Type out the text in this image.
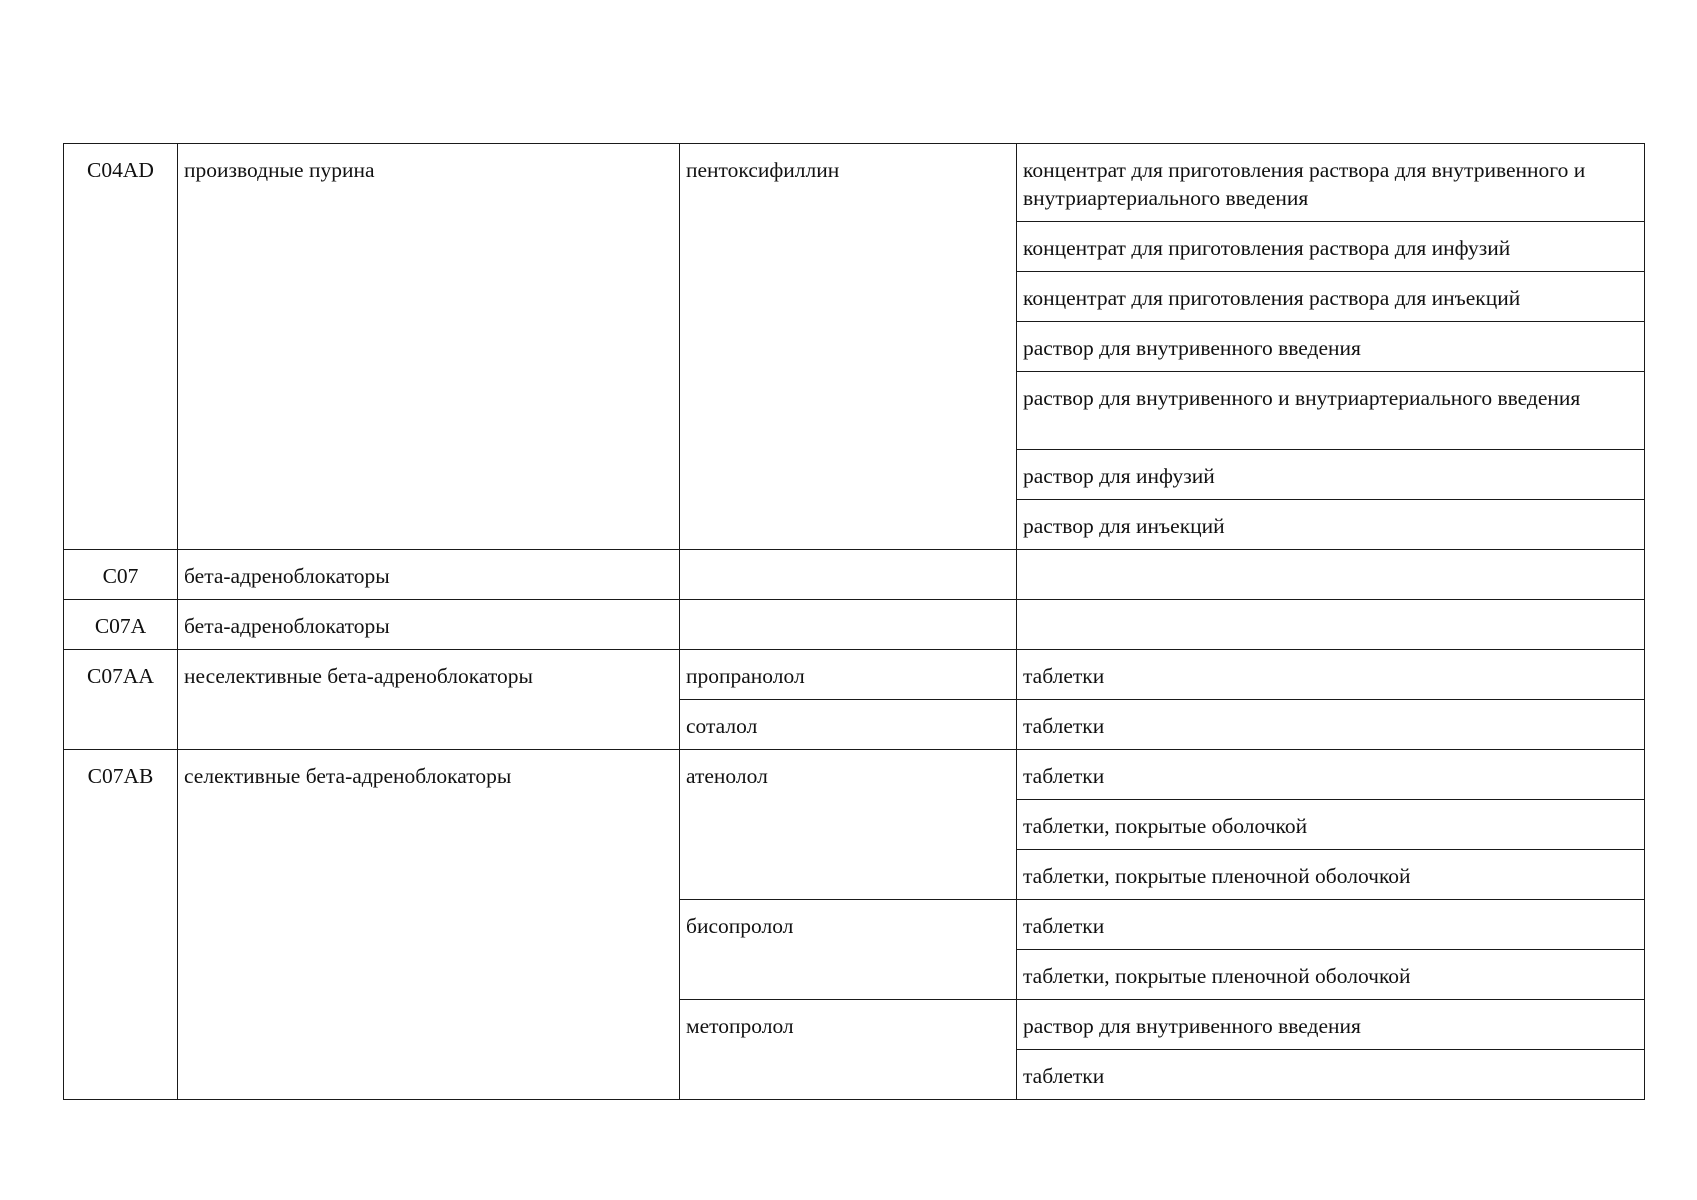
C04AD	производные пурина	пентоксифиллин	концентрат для приготовления раствора для внутривенного и внутриартериального введения
			концентрат для приготовления раствора для инфузий
			концентрат для приготовления раствора для инъекций
			раствор для внутривенного введения
			раствор для внутривенного и внутриартериального введения
			раствор для инфузий
			раствор для инъекций
C07	бета-адреноблокаторы		
C07A	бета-адреноблокаторы		
C07AA	неселективные бета-адреноблокаторы	пропранолол	таблетки
		соталол	таблетки
C07AB	селективные бета-адреноблокаторы	атенолол	таблетки
			таблетки, покрытые оболочкой
			таблетки, покрытые пленочной оболочкой
		бисопролол	таблетки
			таблетки, покрытые пленочной оболочкой
		метопролол	раствор для внутривенного введения
			таблетки
